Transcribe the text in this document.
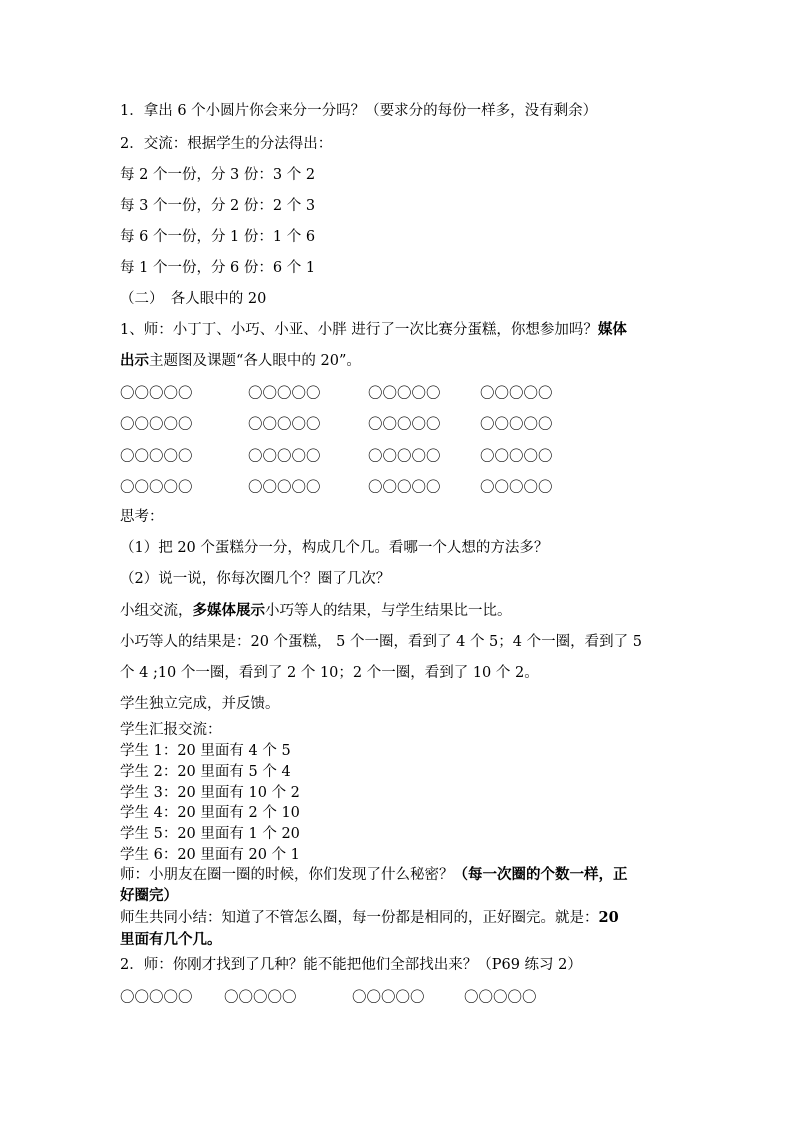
1．拿出 6 个小圆片你会来分一分吗？（要求分的每份一样多，没有剩余）
2．交流：根据学生的分法得出：
每 2 个一份，分 3 份：3 个 2
每 3 个一份，分 2 份：2 个 3
每 6 个一份，分 1 份：1 个 6
每 1 个一份，分 6 份：6 个 1
（二）　各人眼中的 20
1、师：小丁丁、小巧、小亚、小胖 进行了一次比赛分蛋糕，你想参加吗？媒体
出示主题图及课题“各人眼中的 20”。
〇〇〇〇〇	〇〇〇〇〇	〇〇〇〇〇	〇〇〇〇〇
〇〇〇〇〇	〇〇〇〇〇	〇〇〇〇〇	〇〇〇〇〇
〇〇〇〇〇	〇〇〇〇〇	〇〇〇〇〇	〇〇〇〇〇
〇〇〇〇〇	〇〇〇〇〇	〇〇〇〇〇	〇〇〇〇〇
思考：
（1）把 20 个蛋糕分一分，构成几个几。看哪一个人想的方法多？
（2）说一说，你每次圈几个？圈了几次？
小组交流，多媒体展示小巧等人的结果，与学生结果比一比。
小巧等人的结果是：20 个蛋糕， 5 个一圈，看到了 4 个 5；4 个一圈，看到了 5
个 4 ;10 个一圈，看到了 2 个 10；2 个一圈，看到了 10 个 2。
学生独立完成，并反馈。
学生汇报交流：
学生 1：20 里面有 4 个 5
学生 2：20 里面有 5 个 4
学生 3：20 里面有 10 个 2
学生 4：20 里面有 2 个 10
学生 5：20 里面有 1 个 20
学生 6：20 里面有 20 个 1
师：小朋友在圈一圈的时候，你们发现了什么秘密？（每一次圈的个数一样，正
好圈完）
师生共同小结：知道了不管怎么圈，每一份都是相同的，正好圈完。就是：20
里面有几个几。
2．师：你刚才找到了几种？能不能把他们全部找出来？（P69 练习 2）
〇〇〇〇〇 〇〇〇〇〇	〇〇〇〇〇	〇〇〇〇〇
